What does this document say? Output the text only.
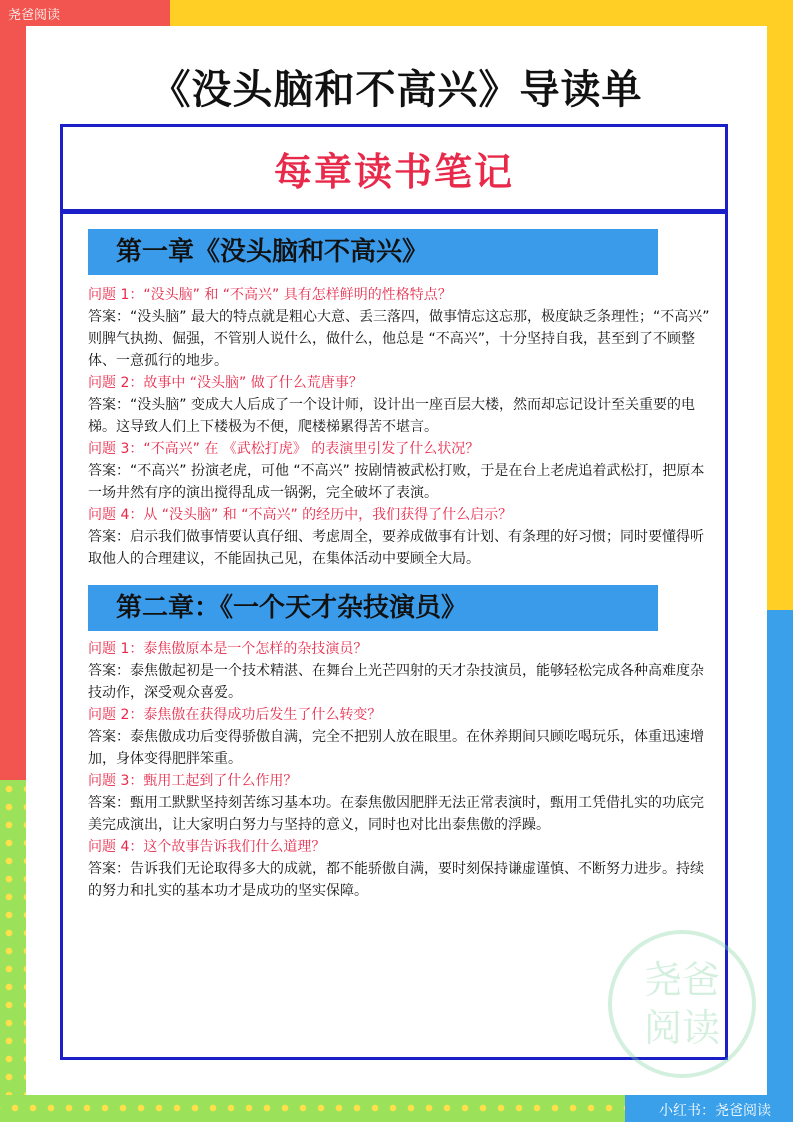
尧爸阅读
小红书：尧爸阅读
《没头脑和不高兴》导读单
每章读书笔记
第一章《没头脑和不高兴》
问题 1：“没头脑” 和 “不高兴” 具有怎样鲜明的性格特点？
答案：“没头脑” 最大的特点就是粗心大意、丢三落四，做事情忘这忘那，极度缺乏条理性；“不高兴” 则脾气执拗、倔强，不管别人说什么，做什么，他总是 “不高兴”，十分坚持自我，甚至到了不顾整体、一意孤行的地步。
问题 2：故事中 “没头脑” 做了什么荒唐事？
答案：“没头脑” 变成大人后成了一个设计师，设计出一座百层大楼，然而却忘记设计至关重要的电梯。这导致人们上下楼极为不便，爬楼梯累得苦不堪言。
问题 3：“不高兴” 在 《武松打虎》 的表演里引发了什么状况？
答案：“不高兴” 扮演老虎，可他 “不高兴” 按剧情被武松打败，于是在台上老虎追着武松打，把原本一场井然有序的演出搅得乱成一锅粥，完全破坏了表演。
问题 4：从 “没头脑” 和 “不高兴” 的经历中，我们获得了什么启示？
答案：启示我们做事情要认真仔细、考虑周全，要养成做事有计划、有条理的好习惯；同时要懂得听取他人的合理建议，不能固执己见，在集体活动中要顾全大局。
第二章：《一个天才杂技演员》
问题 1：泰焦傲原本是一个怎样的杂技演员？
答案：泰焦傲起初是一个技术精湛、在舞台上光芒四射的天才杂技演员，能够轻松完成各种高难度杂技动作，深受观众喜爱。
问题 2：泰焦傲在获得成功后发生了什么转变？
答案：泰焦傲成功后变得骄傲自满，完全不把别人放在眼里。在休养期间只顾吃喝玩乐，体重迅速增加，身体变得肥胖笨重。
问题 3：甄用工起到了什么作用？
答案：甄用工默默坚持刻苦练习基本功。在泰焦傲因肥胖无法正常表演时，甄用工凭借扎实的功底完美完成演出，让大家明白努力与坚持的意义，同时也对比出泰焦傲的浮躁。
问题 4：这个故事告诉我们什么道理？
答案：告诉我们无论取得多大的成就，都不能骄傲自满，要时刻保持谦虚谨慎、不断努力进步。持续的努力和扎实的基本功才是成功的坚实保障。
尧爸
阅读
